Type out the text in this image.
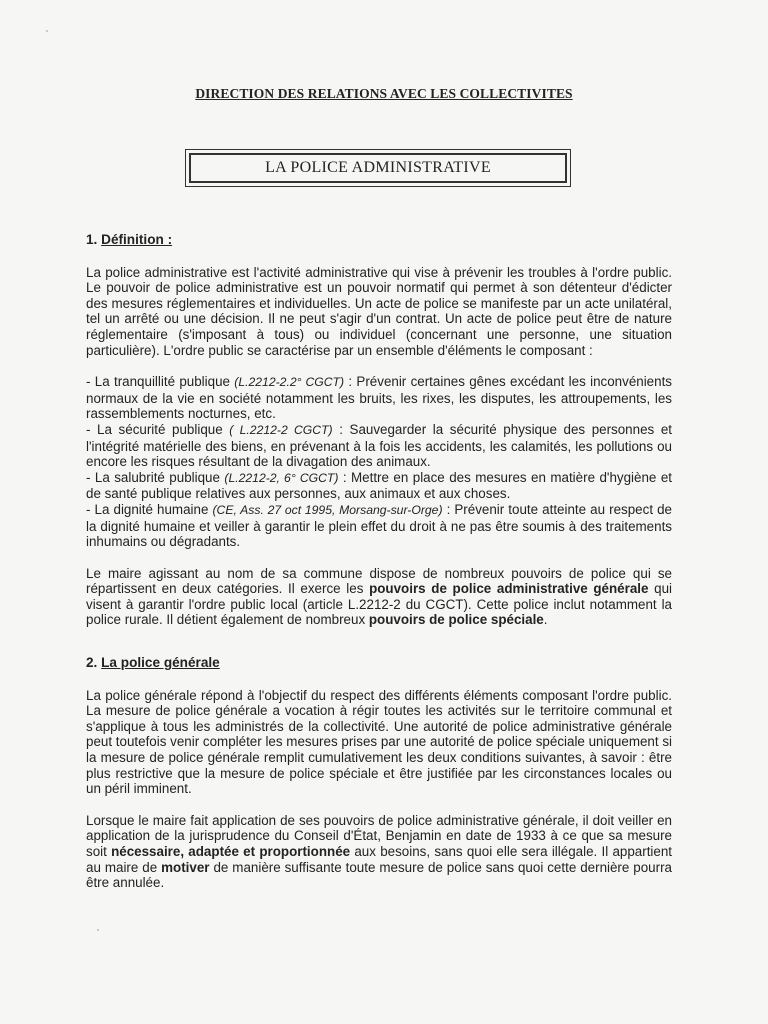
DIRECTION DES RELATIONS AVEC LES COLLECTIVITES
LA POLICE ADMINISTRATIVE
1. Définition :

La police administrative est l'activité administrative qui vise à prévenir les troubles à l'ordre public. Le pouvoir de police administrative est un pouvoir normatif qui permet à son détenteur d'édicter des mesures réglementaires et individuelles. Un acte de police se manifeste par un acte unilatéral, tel un arrêté ou une décision. Il ne peut s'agir d'un contrat. Un acte de police peut être de nature réglementaire (s'imposant à tous) ou individuel (concernant une personne, une situation particulière). L'ordre public se caractérise par un ensemble d'éléments le composant :

- La tranquillité publique (L.2212-2.2° CGCT) : Prévenir certaines gênes excédant les inconvénients normaux de la vie en société notamment les bruits, les rixes, les disputes, les attroupements, les rassemblements nocturnes, etc.

- La sécurité publique ( L.2212-2 CGCT) : Sauvegarder la sécurité physique des personnes et l'intégrité matérielle des biens, en prévenant à la fois les accidents, les calamités, les pollutions ou encore les risques résultant de la divagation des animaux.

- La salubrité publique (L.2212-2, 6° CGCT) : Mettre en place des mesures en matière d'hygiène et de santé publique relatives aux personnes, aux animaux et aux choses.

- La dignité humaine (CE, Ass. 27 oct 1995, Morsang-sur-Orge) : Prévenir toute atteinte au respect de la dignité humaine et veiller à garantir le plein effet du droit à ne pas être soumis à des traitements inhumains ou dégradants.

Le maire agissant au nom de sa commune dispose de nombreux pouvoirs de police qui se répartissent en deux catégories. Il exerce les pouvoirs de police administrative générale qui visent à garantir l'ordre public local (article L.2212-2 du CGCT). Cette police inclut notamment la police rurale. Il détient également de nombreux pouvoirs de police spéciale.

2. La police générale

La police générale répond à l'objectif du respect des différents éléments composant l'ordre public. La mesure de police générale a vocation à régir toutes les activités sur le territoire communal et s'applique à tous les administrés de la collectivité. Une autorité de police administrative générale peut toutefois venir compléter les mesures prises par une autorité de police spéciale uniquement si la mesure de police générale remplit cumulativement les deux conditions suivantes, à savoir : être plus restrictive que la mesure de police spéciale et être justifiée par les circonstances locales ou un péril imminent.

Lorsque le maire fait application de ses pouvoirs de police administrative générale, il doit veiller en application de la jurisprudence du Conseil d'État, Benjamin en date de 1933 à ce que sa mesure soit nécessaire, adaptée et proportionnée aux besoins, sans quoi elle sera illégale. Il appartient au maire de motiver de manière suffisante toute mesure de police sans quoi cette dernière pourra être annulée.
